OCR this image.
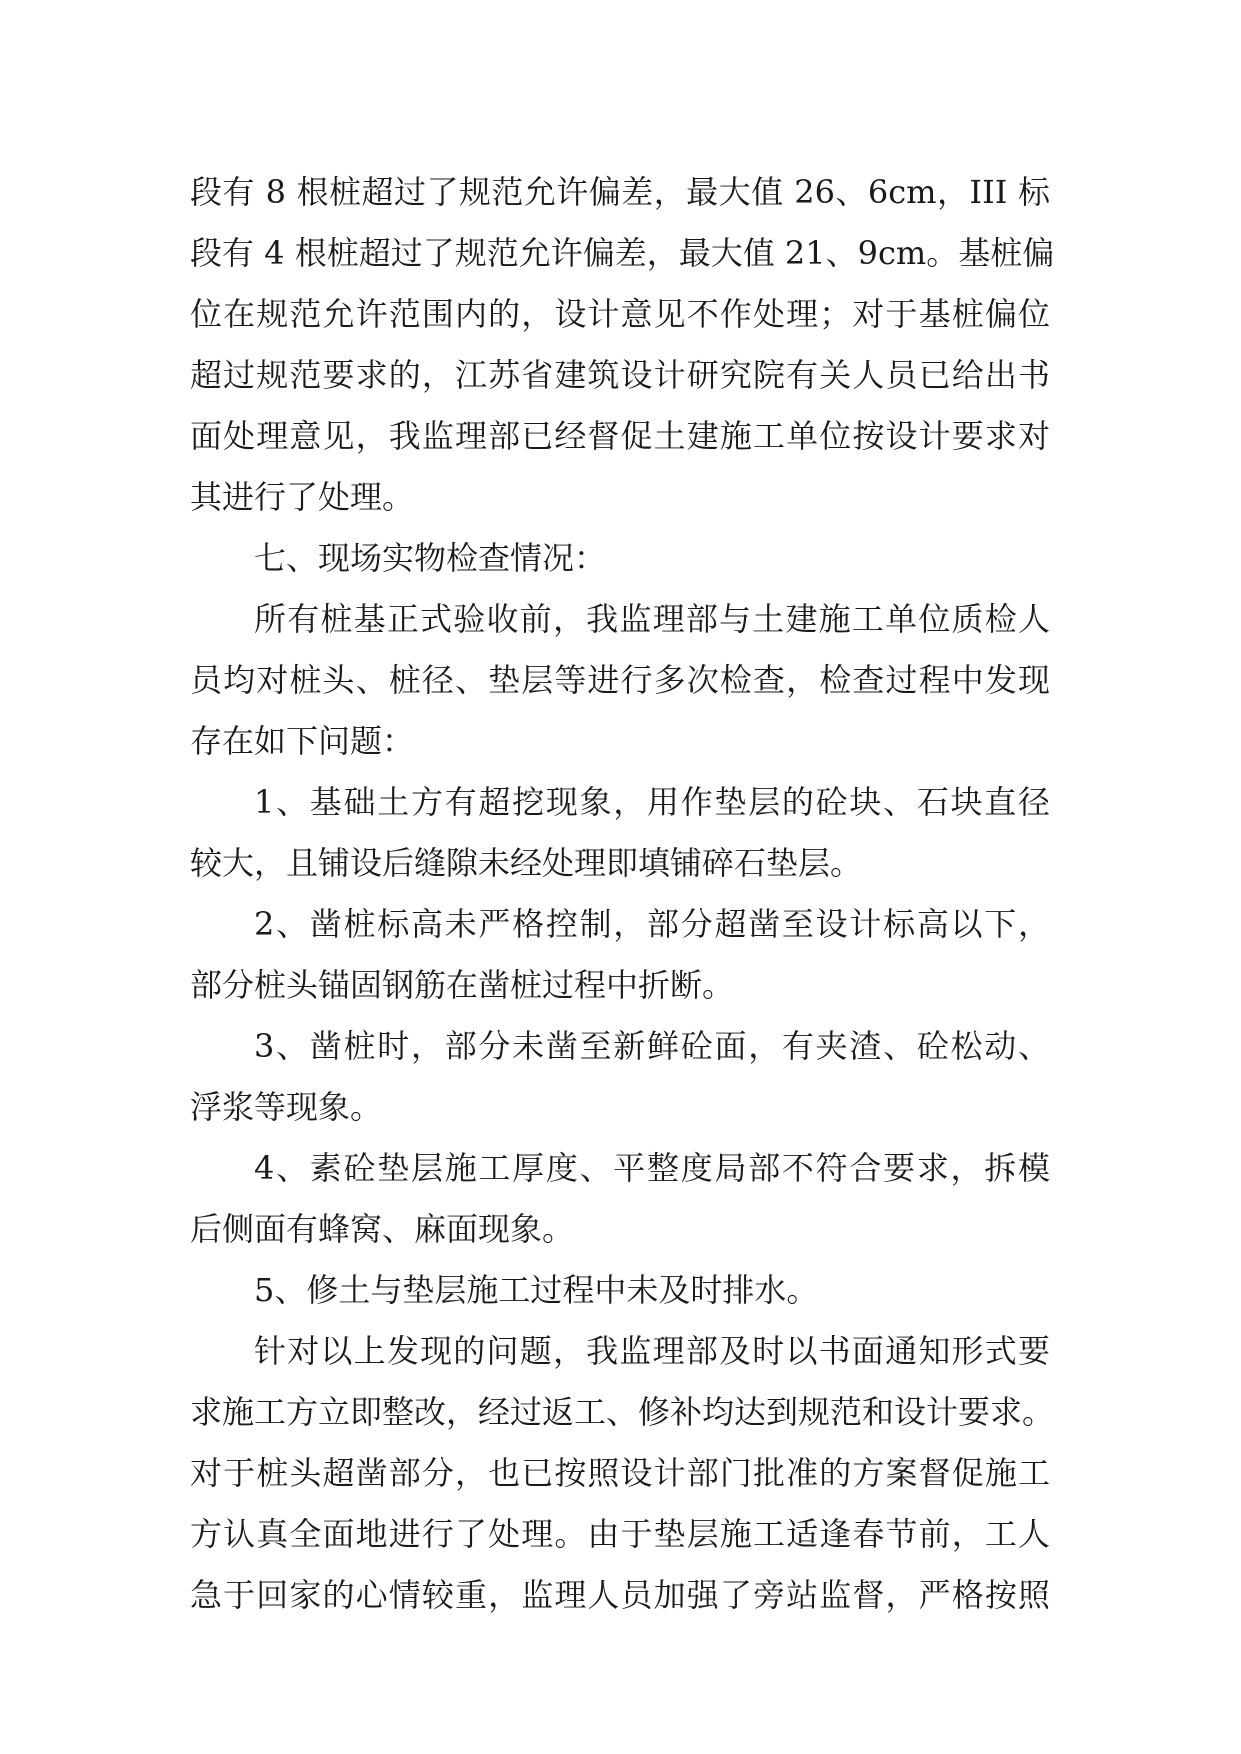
段有 8 根桩超过了规范允许偏差，最大值 26、6cm，III 标
段有 4 根桩超过了规范允许偏差，最大值 21、9cm。基桩偏
位在规范允许范围内的，设计意见不作处理；对于基桩偏位
超过规范要求的，江苏省建筑设计研究院有关人员已给出书
面处理意见，我监理部已经督促土建施工单位按设计要求对
其进行了处理。
七、现场实物检查情况：
所有桩基正式验收前，我监理部与土建施工单位质检人
员均对桩头、桩径、垫层等进行多次检查，检查过程中发现
存在如下问题：
1、基础土方有超挖现象，用作垫层的砼块、石块直径
较大，且铺设后缝隙未经处理即填铺碎石垫层。
2、凿桩标高未严格控制，部分超凿至设计标高以下，
部分桩头锚固钢筋在凿桩过程中折断。
3、凿桩时，部分未凿至新鲜砼面，有夹渣、砼松动、
浮浆等现象。
4、素砼垫层施工厚度、平整度局部不符合要求，拆模
后侧面有蜂窝、麻面现象。
5、修土与垫层施工过程中未及时排水。
针对以上发现的问题，我监理部及时以书面通知形式要
求施工方立即整改，经过返工、修补均达到规范和设计要求。
对于桩头超凿部分，也已按照设计部门批准的方案督促施工
方认真全面地进行了处理。由于垫层施工适逢春节前，工人
急于回家的心情较重，监理人员加强了旁站监督，严格按照
